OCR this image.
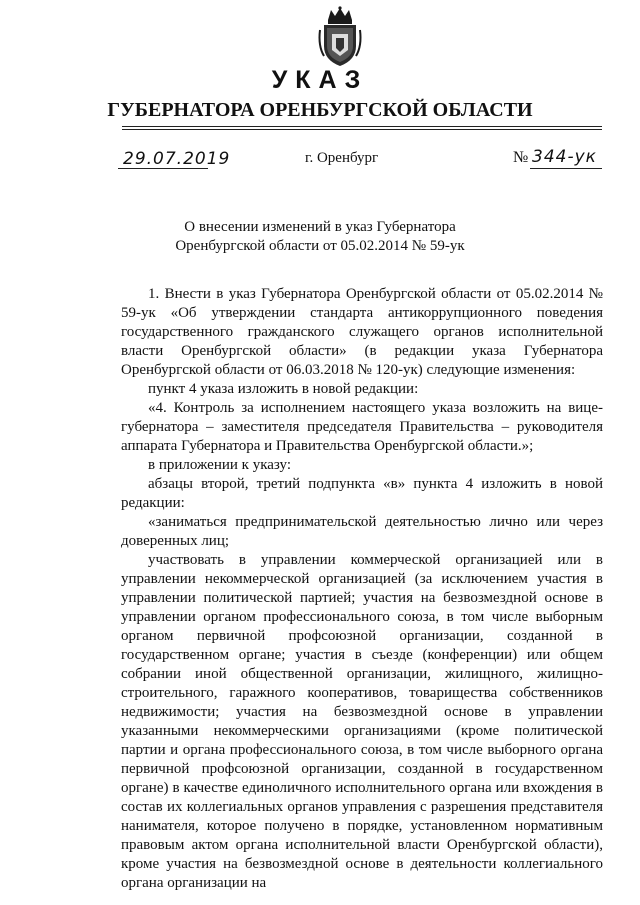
УКАЗ
ГУБЕРНАТОРА ОРЕНБУРГСКОЙ ОБЛАСТИ
29.07.2019	г. Оренбург	№ 344-ук
О внесении изменений в указ Губернатора
Оренбургской области от 05.02.2014 № 59-ук

1. Внести в указ Губернатора Оренбургской области от 05.02.2014 № 59-ук «Об утверждении стандарта антикоррупционного поведения государственного гражданского служащего органов исполнительной власти Оренбургской области» (в редакции указа Губернатора Оренбургской области от 06.03.2018 № 120-ук) следующие изменения:

пункт 4 указа изложить в новой редакции:

«4. Контроль за исполнением настоящего указа возложить на вице-губернатора – заместителя председателя Правительства – руководителя аппарата Губернатора и Правительства Оренбургской области.»;

в приложении к указу:

абзацы второй, третий подпункта «в» пункта 4 изложить в новой редакции:

«заниматься предпринимательской деятельностью лично или через доверенных лиц;

участвовать в управлении коммерческой организацией или в управлении некоммерческой организацией (за исключением участия в управлении политической партией; участия на безвозмездной основе в управлении органом профессионального союза, в том числе выборным органом первичной профсоюзной организации, созданной в государственном органе; участия в съезде (конференции) или общем собрании иной общественной организации, жилищного, жилищно-строительного, гаражного кооперативов, товарищества собственников недвижимости; участия на безвозмездной основе в управлении указанными некоммерческими организациями (кроме политической партии и органа профессионального союза, в том числе выборного органа первичной профсоюзной организации, созданной в государственном органе) в качестве единоличного исполнительного органа или вхождения в состав их коллегиальных органов управления с разрешения представителя нанимателя, которое получено в порядке, установленном нормативным правовым актом органа исполнительной власти Оренбургской области), кроме участия на безвозмездной основе в деятельности коллегиального органа организации на
